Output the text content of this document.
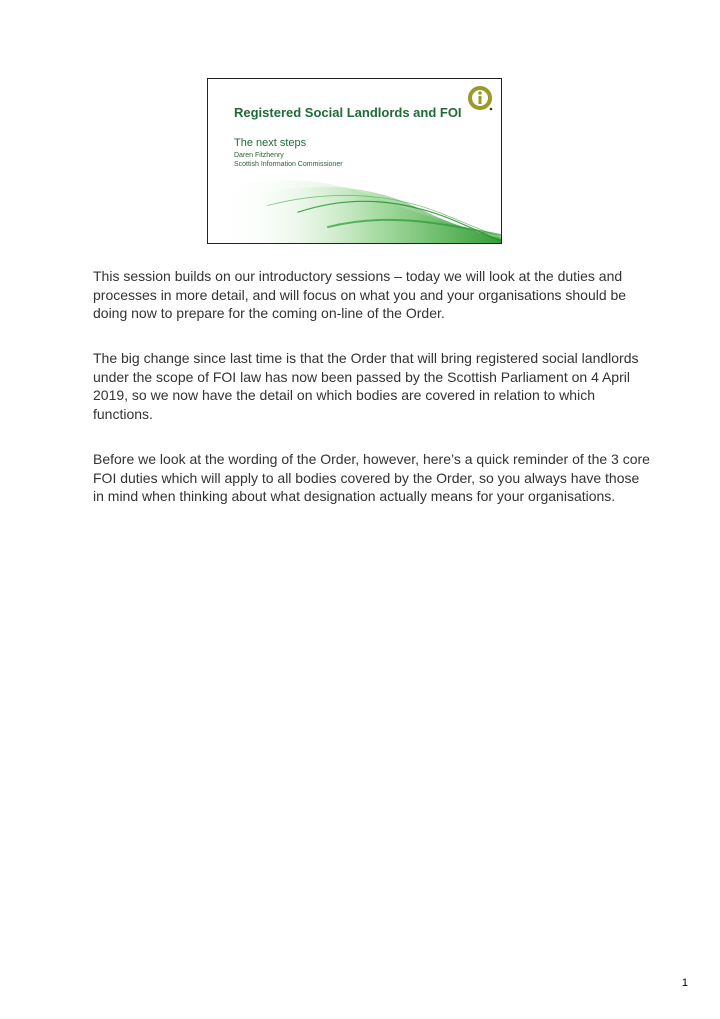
Registered Social Landlords and FOI
The next steps
Daren Fitzhenry
Scottish Information Commissioner

This session builds on our introductory sessions – today we will look at the duties and processes in more detail, and will focus on what you and your organisations should be doing now to prepare for the coming on-line of the Order.

The big change since last time is that the Order that will bring registered social landlords under the scope of FOI law has now been passed by the Scottish Parliament on 4 April 2019, so we now have the detail on which bodies are covered in relation to which functions.

Before we look at the wording of the Order, however, here’s a quick reminder of the 3 core FOI duties which will apply to all bodies covered by the Order, so you always have those in mind when thinking about what designation actually means for your organisations.

1
